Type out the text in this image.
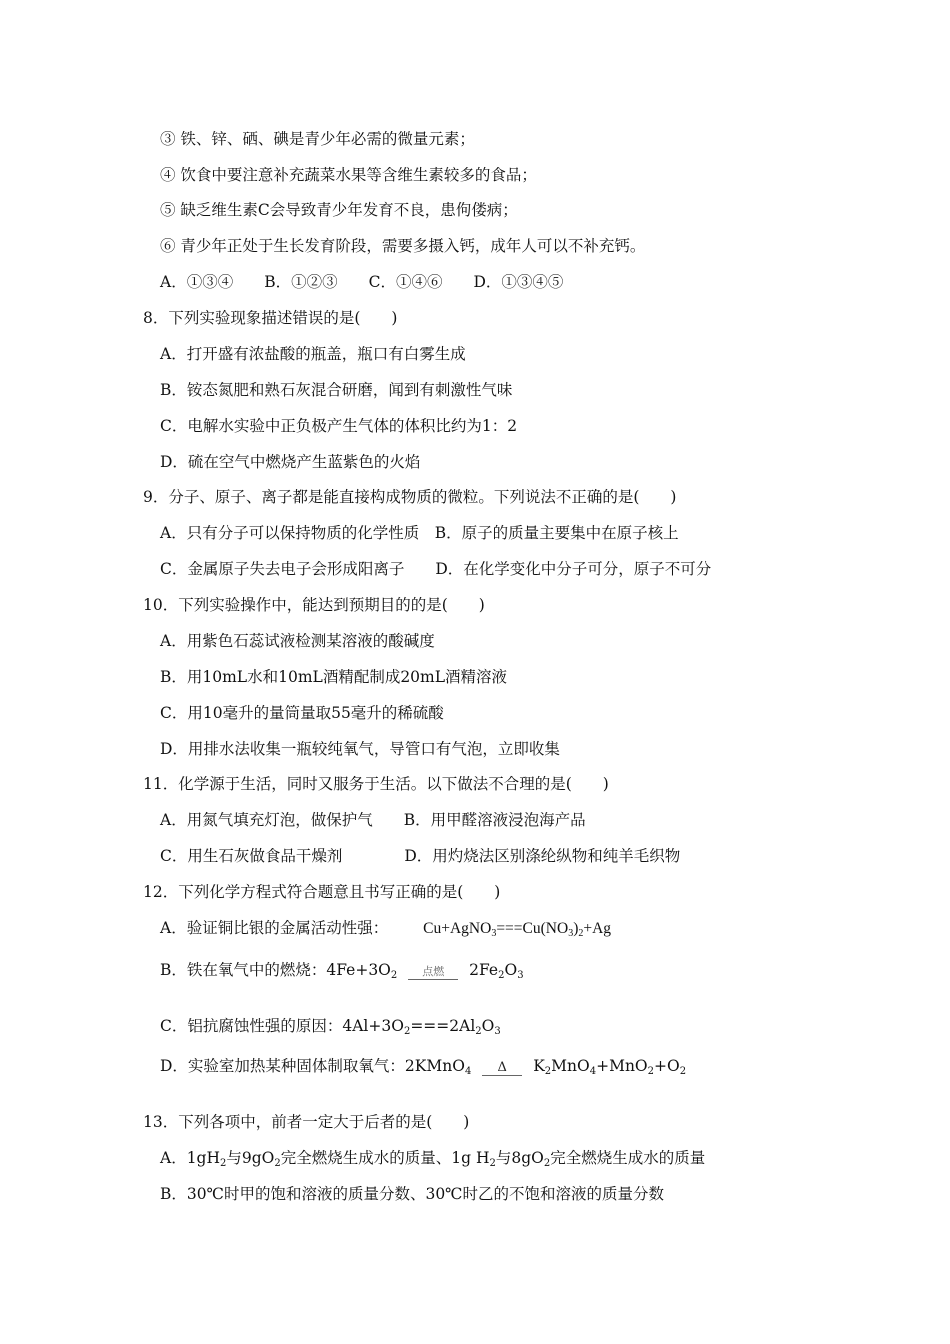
③ 铁、锌、硒、碘是青少年必需的微量元素；
④ 饮食中要注意补充蔬菜水果等含维生素较多的食品；
⑤ 缺乏维生素C会导致青少年发育不良，患佝偻病；
⑥ 青少年正处于生长发育阶段，需要多摄入钙，成年人可以不补充钙。
A．①③④　　B．①②③　　C．①④⑥　　D．①③④⑤
8．下列实验现象描述错误的是(　　)
A．打开盛有浓盐酸的瓶盖，瓶口有白雾生成
B．铵态氮肥和熟石灰混合研磨，闻到有刺激性气味
C．电解水实验中正负极产生气体的体积比约为1：2
D．硫在空气中燃烧产生蓝紫色的火焰
9．分子、原子、离子都是能直接构成物质的微粒。下列说法不正确的是(　　)
A．只有分子可以保持物质的化学性质　B．原子的质量主要集中在原子核上
C．金属原子失去电子会形成阳离子　　D．在化学变化中分子可分，原子不可分
10．下列实验操作中，能达到预期目的的是(　　)
A．用紫色石蕊试液检测某溶液的酸碱度
B．用10mL水和10mL酒精配制成20mL酒精溶液
C．用10毫升的量筒量取55毫升的稀硫酸
D．用排水法收集一瓶较纯氧气，导管口有气泡，立即收集
11．化学源于生活，同时又服务于生活。以下做法不合理的是(　　)
A．用氮气填充灯泡，做保护气　　B．用甲醛溶液浸泡海产品
C．用生石灰做食品干燥剂　　　　D．用灼烧法区别涤纶纵物和纯羊毛织物
12．下列化学方程式符合题意且书写正确的是(　　)
A．验证铜比银的金属活动性强： $Cu+AgNO_3===Cu(NO_3)_2+Ag$
B．铁在氧气中的燃烧：$4Fe+3O_2$ 点燃 $2Fe_2O_3$
C．铝抗腐蚀性强的原因：$4Al+3O_2===2Al_2O_3$
D．实验室加热某种固体制取氧气：2KMnO$_4$ Δ $K_2MnO_4+MnO_2+O_2$
13．下列各项中，前者一定大于后者的是(　　)
A．$1gH_2$与$9gO_2$完全燃烧生成水的质量、1g $H_2$与$8gO_2$完全燃烧生成水的质量
B．30℃时甲的饱和溶液的质量分数、30℃时乙的不饱和溶液的质量分数
